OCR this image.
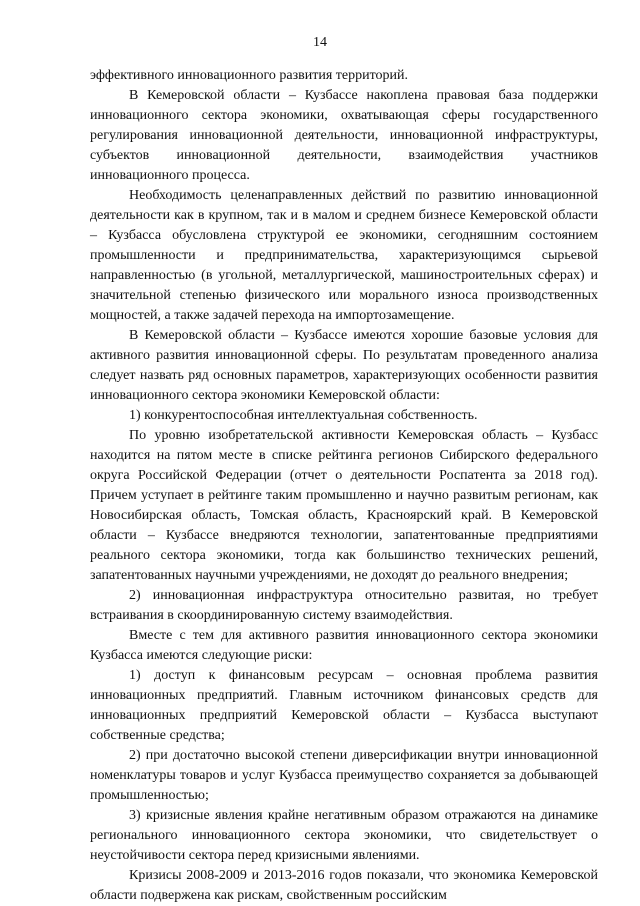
14

эффективного инновационного развития территорий.

В Кемеровской области – Кузбассе накоплена правовая база поддержки инновационного сектора экономики, охватывающая сферы государственного регулирования инновационной деятельности, инновационной инфраструктуры, субъектов инновационной деятельности, взаимодействия участников инновационного процесса.

Необходимость целенаправленных действий по развитию инновационной деятельности как в крупном, так и в малом и среднем бизнесе Кемеровской области – Кузбасса обусловлена структурой ее экономики, сегодняшним состоянием промышленности и предпринимательства, характеризующимся сырьевой направленностью (в угольной, металлургической, машиностроительных сферах) и значительной степенью физического или морального износа производственных мощностей, а также задачей перехода на импортозамещение.

В Кемеровской области – Кузбассе имеются хорошие базовые условия для активного развития инновационной сферы. По результатам проведенного анализа следует назвать ряд основных параметров, характеризующих особенности развития инновационного сектора экономики Кемеровской области:

1) конкурентоспособная интеллектуальная собственность.

По уровню изобретательской активности Кемеровская область – Кузбасс находится на пятом месте в списке рейтинга регионов Сибирского федерального округа Российской Федерации (отчет о деятельности Роспатента за 2018 год). Причем уступает в рейтинге таким промышленно и научно развитым регионам, как Новосибирская область, Томская область, Красноярский край. В Кемеровской области – Кузбассе внедряются технологии, запатентованные предприятиями реального сектора экономики, тогда как большинство технических решений, запатентованных научными учреждениями, не доходят до реального внедрения;

2) инновационная инфраструктура относительно развитая, но требует встраивания в скоординированную систему взаимодействия.

Вместе с тем для активного развития инновационного сектора экономики Кузбасса имеются следующие риски:

1) доступ к финансовым ресурсам – основная проблема развития инновационных предприятий. Главным источником финансовых средств для инновационных предприятий Кемеровской области – Кузбасса выступают собственные средства;

2) при достаточно высокой степени диверсификации внутри инновационной номенклатуры товаров и услуг Кузбасса преимущество сохраняется за добывающей промышленностью;

3) кризисные явления крайне негативным образом отражаются на динамике регионального инновационного сектора экономики, что свидетельствует о неустойчивости сектора перед кризисными явлениями.

Кризисы 2008-2009 и 2013-2016 годов показали, что экономика Кемеровской области подвержена как рискам, свойственным российским
